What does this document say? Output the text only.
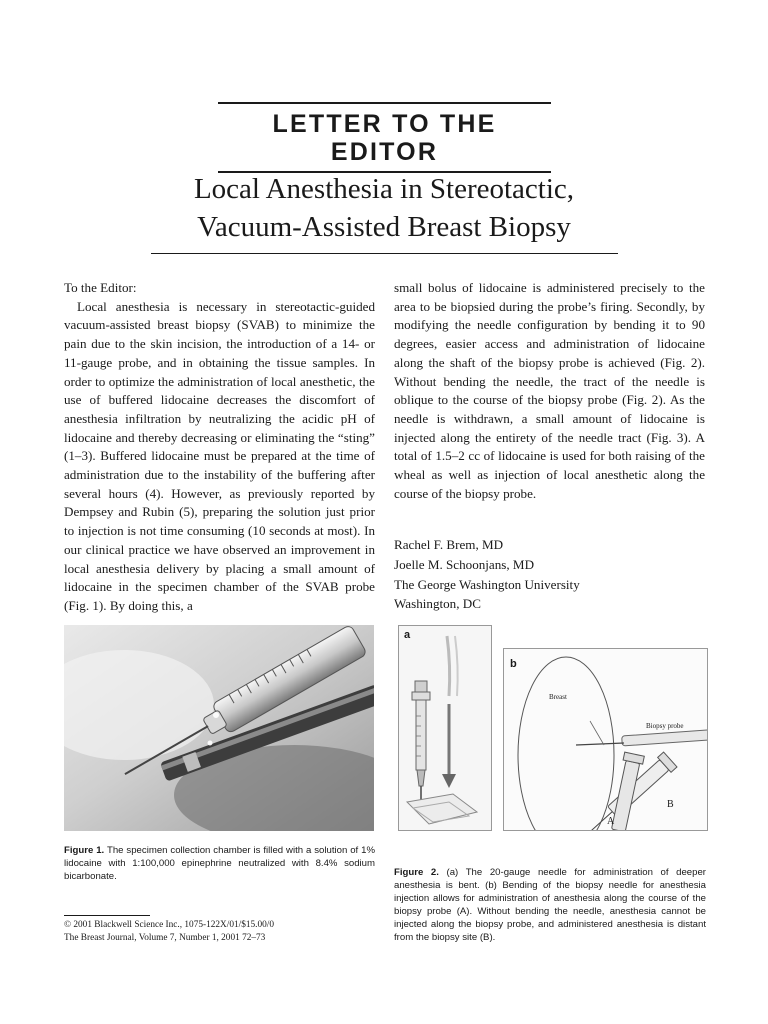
LETTER TO THE EDITOR
Local Anesthesia in Stereotactic,
Vacuum-Assisted Breast Biopsy

To the Editor:

Local anesthesia is necessary in stereotactic-guided vacuum-assisted breast biopsy (SVAB) to minimize the pain due to the skin incision, the introduction of a 14- or 11-gauge probe, and in obtaining the tissue samples. In order to optimize the administration of local anesthetic, the use of buffered lidocaine decreases the discomfort of anesthesia infiltration by neutralizing the acidic pH of lidocaine and thereby decreasing or eliminating the “sting” (1–3). Buffered lidocaine must be prepared at the time of administration due to the instability of the buffering after several hours (4). However, as previously reported by Dempsey and Rubin (5), preparing the solution just prior to injection is not time consuming (10 seconds at most). In our clinical practice we have observed an improvement in local anesthesia delivery by placing a small amount of lidocaine in the specimen chamber of the SVAB probe (Fig. 1). By doing this, a

small bolus of lidocaine is administered precisely to the area to be biopsied during the probe’s firing. Secondly, by modifying the needle configuration by bending it to 90 degrees, easier access and administration of lidocaine along the shaft of the biopsy probe is achieved (Fig. 2). Without bending the needle, the tract of the needle is oblique to the course of the biopsy probe (Fig. 2). As the needle is withdrawn, a small amount of lidocaine is injected along the entirety of the needle tract (Fig. 3). A total of 1.5–2 cc of lidocaine is used for both raising of the wheal as well as injection of local anesthetic along the course of the biopsy probe.

Rachel F. Brem, MD
Joelle M. Schoonjans, MD
The George Washington University
Washington, DC
a
b
Breast
Biopsy probe
A
B
Figure 1. The specimen collection chamber is filled with a solution of 1% lidocaine with 1:100,000 epinephrine neutralized with 8.4% sodium bicarbonate.	Figure 2. (a) The 20-gauge needle for administration of deeper anesthesia is bent. (b) Bending of the biopsy needle for anesthesia injection allows for administration of anesthesia along the course of the biopsy probe (A). Without bending the needle, anesthesia cannot be injected along the biopsy probe, and administered anesthesia is distant from the biopsy site (B).
© 2001 Blackwell Science Inc., 1075-122X/01/$15.00/0
The Breast Journal, Volume 7, Number 1, 2001 72–73
